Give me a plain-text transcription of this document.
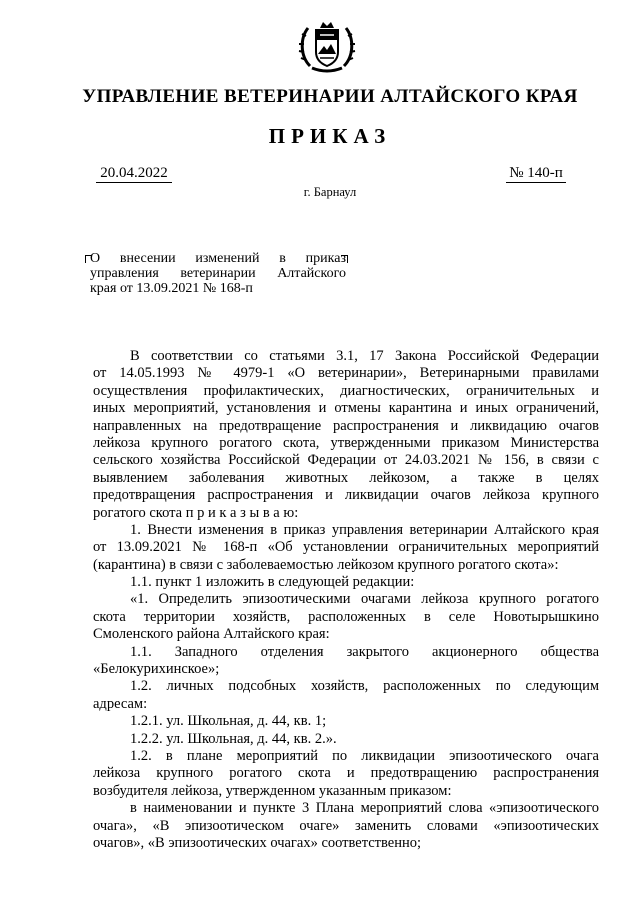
УПРАВЛЕНИЕ ВЕТЕРИНАРИИ АЛТАЙСКОГО КРАЯ
ПРИКАЗ
20.04.2022	№ 140-п
г. Барнаул
О внесении изменений в приказ
управления ветеринарии Алтайского
края от 13.09.2021 № 168-п
В соответствии со статьями 3.1, 17 Закона Российской Федерации
от 14.05.1993 № 4979-1 «О ветеринарии», Ветеринарными правилами
осуществления профилактических, диагностических, ограничительных и
иных мероприятий, установления и отмены карантина и иных ограничений,
направленных на предотвращение распространения и ликвидацию очагов
лейкоза крупного рогатого скота, утвержденными приказом Министерства
сельского хозяйства Российской Федерации от 24.03.2021 № 156, в связи с
выявлением заболевания животных лейкозом, а также в целях
предотвращения распространения и ликвидации очагов лейкоза крупного
рогатого скота п р и к а з ы в а ю:
1. Внести изменения в приказ управления ветеринарии Алтайского края
от 13.09.2021 № 168-п «Об установлении ограничительных мероприятий
(карантина) в связи с заболеваемостью лейкозом крупного рогатого скота»:
1.1. пункт 1 изложить в следующей редакции:
«1. Определить эпизоотическими очагами лейкоза крупного рогатого
скота территории хозяйств, расположенных в селе Новотырышкино
Смоленского района Алтайского края:
1.1. Западного отделения закрытого акционерного общества
«Белокурихинское»;
1.2. личных подсобных хозяйств, расположенных по следующим
адресам:
1.2.1. ул. Школьная, д. 44, кв. 1;
1.2.2. ул. Школьная, д. 44, кв. 2.».
1.2. в плане мероприятий по ликвидации эпизоотического очага
лейкоза крупного рогатого скота и предотвращению распространения
возбудителя лейкоза, утвержденном указанным приказом:
в наименовании и пункте 3 Плана мероприятий слова «эпизоотического
очага», «В эпизоотическом очаге» заменить словами «эпизоотических
очагов», «В эпизоотических очагах» соответственно;
